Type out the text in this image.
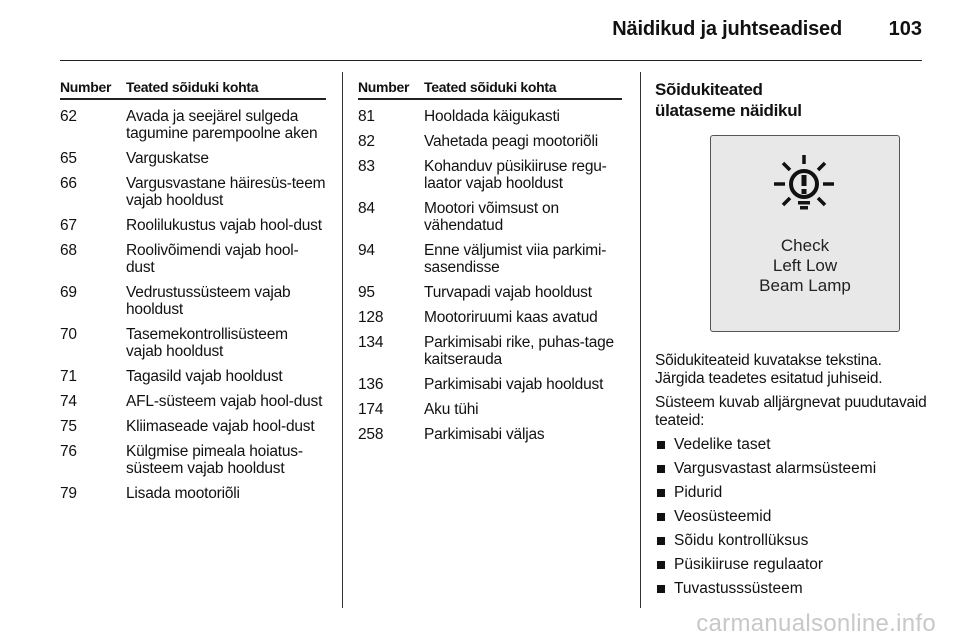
Näidikud ja juhtseadised 103
Number	Teated sõiduki kohta
62	Avada ja seejärel sulgeda tagumine parempoolne aken
65	Varguskatse
66	Vargusvastane häiresüs-teem vajab hooldust
67	Roolilukustus vajab hool-dust
68	Roolivõimendi vajab hool-dust
69	Vedrustussüsteem vajab hooldust
70	Tasemekontrollisüsteem vajab hooldust
71	Tagasild vajab hooldust
74	AFL-süsteem vajab hool-dust
75	Kliimaseade vajab hool-dust
76	Külgmise pimeala hoiatus-süsteem vajab hooldust
79	Lisada mootoriõli
Number	Teated sõiduki kohta
81	Hooldada käigukasti
82	Vahetada peagi mootoriõli
83	Kohanduv püsikiiruse regu-laator vajab hooldust
84	Mootori võimsust on vähendatud
94	Enne väljumist viia parkimi-sasendisse
95	Turvapadi vajab hooldust
128	Mootoriruumi kaas avatud
134	Parkimisabi rike, puhas-tage kaitserauda
136	Parkimisabi vajab hooldust
174	Aku tühi
258	Parkimisabi väljas
Sõidukiteated
ülataseme näidikul
Check
Left Low
Beam Lamp

Sõidukiteateid kuvatakse tekstina. Järgida teadetes esitatud juhiseid.

Süsteem kuvab alljärgnevat puudutavaid teateid:

Vedelike taset
Vargusvastast alarmsüsteemi
Pidurid
Veosüsteemid
Sõidu kontrollüksus
Püsikiiruse regulaator
Tuvastusssüsteem
carmanualsonline.info
